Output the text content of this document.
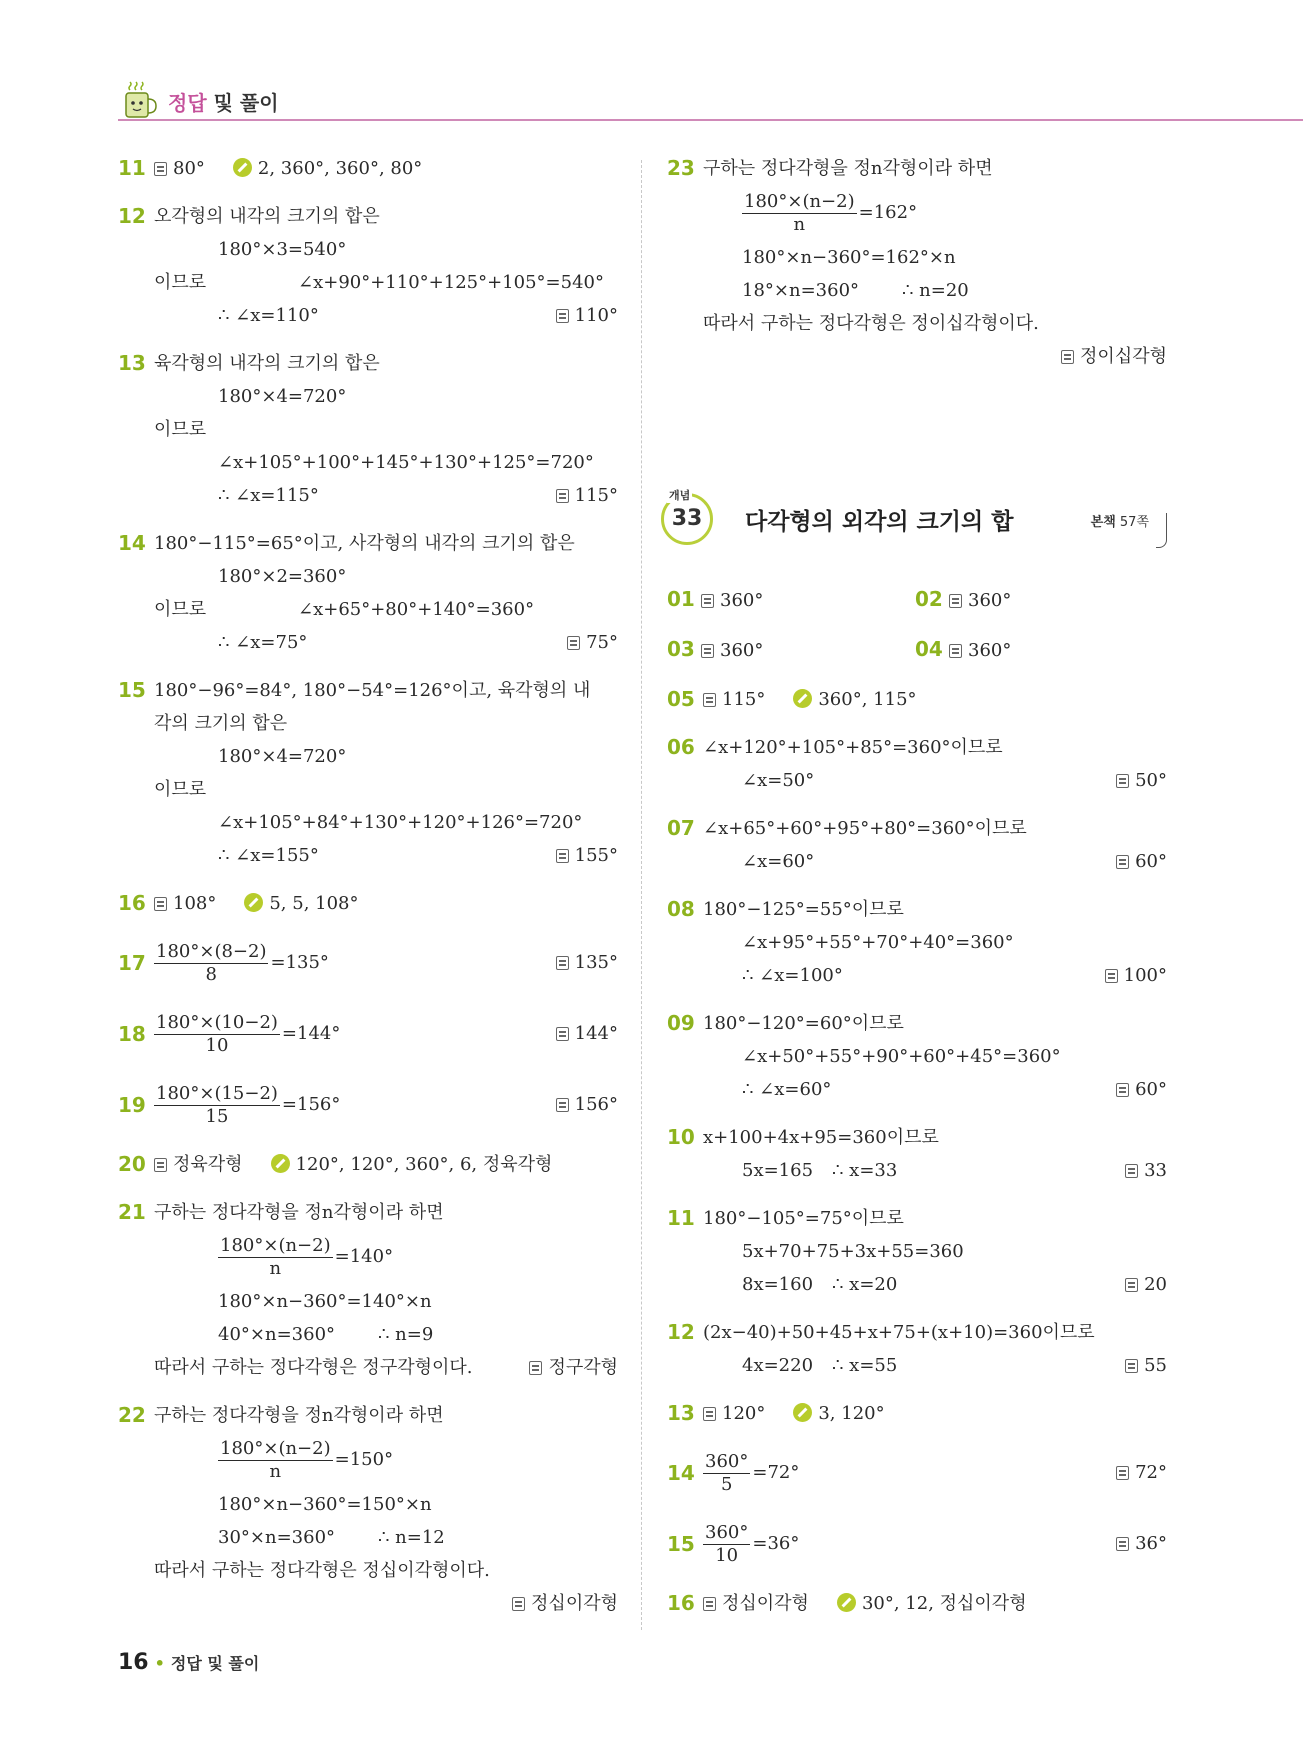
정답 및 풀이
11	80°	2, 360°, 360°, 80°
12 오각형의 내각의 크기의 합은
180°×3=540°
이므로	∠x+90°+110°+125°+105°=540°
∴ ∠x=110°	110°
13 육각형의 내각의 크기의 합은
180°×4=720°
이므로
∠x+105°+100°+145°+130°+125°=720°
∴ ∠x=115°	115°
14 180°−115°=65°이고, 사각형의 내각의 크기의 합은
180°×2=360°
이므로	∠x+65°+80°+140°=360°
∴ ∠x=75°	75°
15 180°−96°=84°, 180°−54°=126°이고, 육각형의 내
각의 크기의 합은
180°×4=720°
이므로
∠x+105°+84°+130°+120°+126°=720°
∴ ∠x=155°	155°
16	108°	5, 5, 108°
$17 \frac{180^\circ\times(8-2)}{8} =135^\circ$	135°
$18 \frac{180^\circ\times(10-2)}{10} =144^\circ$	144°
$19 \frac{180^\circ\times(15-2)}{15} =156^\circ$	156°
20	정육각형	120°, 120°, 360°, 6, 정육각형
21 구하는 정다각형을 정n각형이라 하면
$\frac{180^\circ\times(n-2)}{n} =140^\circ$
180°×n−360°=140°×n
40°×n=360° ∴ n=9
따라서 구하는 정다각형은 정구각형이다.	정구각형
22 구하는 정다각형을 정n각형이라 하면
$\frac{180^\circ\times(n-2)}{n} =150^\circ$
180°×n−360°=150°×n
30°×n=360° ∴ n=12
따라서 구하는 정다각형은 정십이각형이다.
정십이각형
23 구하는 정다각형을 정n각형이라 하면
$\frac{180^\circ\times(n-2)}{n} =162^\circ$
180°×n−360°=162°×n
18°×n=360° ∴ n=20
따라서 구하는 정다각형은 정이십각형이다.
정이십각형
33
개념
다각형의 외각의 크기의 합	본책 57쪽
01 360°	02 360°
03 360°	04 360°
05	115°	360°, 115°
06 ∠x+120°+105°+85°=360°이므로
∠x=50°	50°
07 ∠x+65°+60°+95°+80°=360°이므로
∠x=60°	60°
08 180°−125°=55°이므로
∠x+95°+55°+70°+40°=360°
∴ ∠x=100°	100°
09 180°−120°=60°이므로
∠x+50°+55°+90°+60°+45°=360°
∴ ∠x=60°	60°
10 x+100+4x+95=360이므로
5x=165 ∴ x=33	33
11 180°−105°=75°이므로
5x+70+75+3x+55=360
8x=160 ∴ x=20	20
12 (2x−40)+50+45+x+75+(x+10)=360이므로
4x=220 ∴ x=55	55
13	120°	3, 120°
$14 \frac{360^\circ}{5} =72^\circ$	72°
$15 \frac{360^\circ}{10} =36^\circ$	36°
16	정십이각형	30°, 12, 정십이각형
16 • 정답 및 풀이
